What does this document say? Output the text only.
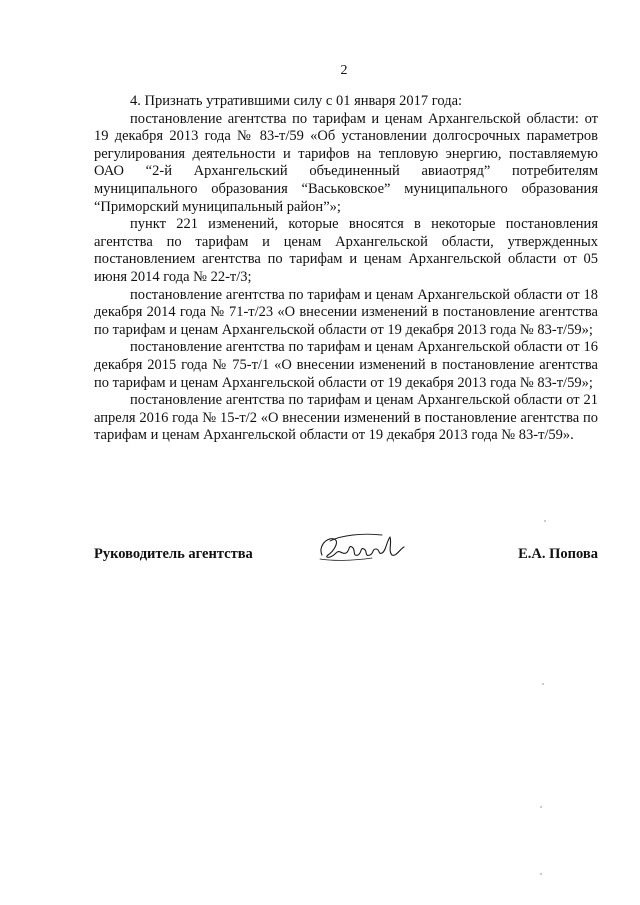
2

4. Признать утратившими силу с 01 января 2017 года:

постановление агентства по тарифам и ценам Архангельской области: от 19 декабря 2013 года № 83-т/59 «Об установлении долгосрочных параметров регулирования деятельности и тарифов на тепловую энергию, поставляемую ОАО “2-й Архангельский объединенный авиаотряд” потребителям муниципального образования “Васьковское” муниципального образования “Приморский муниципальный район”»;

пункт 221 изменений, которые вносятся в некоторые постановления агентства по тарифам и ценам Архангельской области, утвержденных постановлением агентства по тарифам и ценам Архангельской области от 05 июня 2014 года № 22-т/3;

постановление агентства по тарифам и ценам Архангельской области от 18 декабря 2014 года № 71-т/23 «О внесении изменений в постановление агентства по тарифам и ценам Архангельской области от 19 декабря 2013 года № 83-т/59»;

постановление агентства по тарифам и ценам Архангельской области от 16 декабря 2015 года № 75-т/1 «О внесении изменений в постановление агентства по тарифам и ценам Архангельской области от 19 декабря 2013 года № 83-т/59»;

постановление агентства по тарифам и ценам Архангельской области от 21 апреля 2016 года № 15-т/2 «О внесении изменений в постановление агентства по тарифам и ценам Архангельской области от 19 декабря 2013 года № 83-т/59».

Руководитель агентства	Е.А. Попова
